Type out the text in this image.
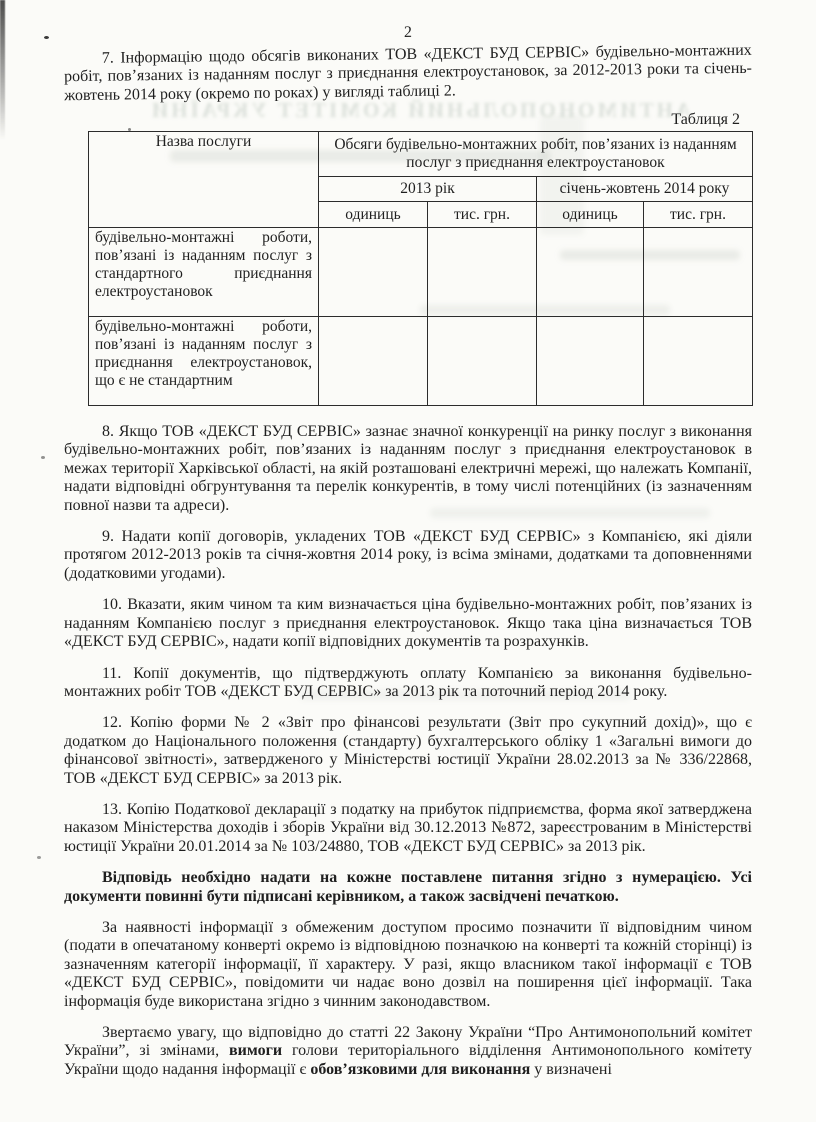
АНТИМОНОПОЛЬНИЙ КОМІТЕТ УКРАЇНИ
2

7. Інформацію щодо обсягів виконаних ТОВ «ДЕКСТ БУД СЕРВІС» будівельно-монтажних робіт, пов’язаних із наданням послуг з приєднання електроустановок, за 2012-2013 роки та січень-жовтень 2014 року (окремо по роках) у вигляді таблиці 2.

Таблиця 2
Назва послуги	Обсяги будівельно-монтажних робіт, пов’язаних із наданням послуг з приєднання електроустановок			
	2013 рік		січень-жовтень 2014 року	
	одиниць	тис. грн.	одиниць	тис. грн.
будівельно-монтажні роботи, пов’язані із наданням послуг з стандартного приєднання електроустановок				
будівельно-монтажні роботи, пов’язані із наданням послуг з приєднання електроустановок, що є не стандартним				

8. Якщо ТОВ «ДЕКСТ БУД СЕРВІС» зазнає значної конкуренції на ринку послуг з виконання будівельно-монтажних робіт, пов’язаних із наданням послуг з приєднання електроустановок в межах території Харківської області, на якій розташовані електричні мережі, що належать Компанії, надати відповідні обгрунтування та перелік конкурентів, в тому числі потенційних (із зазначенням повної назви та адреси).

9. Надати копії договорів, укладених ТОВ «ДЕКСТ БУД СЕРВІС» з Компанією, які діяли протягом 2012-2013 років та січня-жовтня 2014 року, із всіма змінами, додатками та доповненнями (додатковими угодами).

10. Вказати, яким чином та ким визначається ціна будівельно-монтажних робіт, пов’язаних із наданням Компанією послуг з приєднання електроустановок. Якщо така ціна визначається ТОВ «ДЕКСТ БУД СЕРВІС», надати копії відповідних документів та розрахунків.

11. Копії документів, що підтверджують оплату Компанією за виконання будівельно-монтажних робіт ТОВ «ДЕКСТ БУД СЕРВІС» за 2013 рік та поточний період 2014 року.

12. Копію форми № 2 «Звіт про фінансові результати (Звіт про сукупний дохід)», що є додатком до Національного положення (стандарту) бухгалтерського обліку 1 «Загальні вимоги до фінансової звітності», затвердженого у Міністерстві юстиції України 28.02.2013 за № 336/22868, ТОВ «ДЕКСТ БУД СЕРВІС» за 2013 рік.

13. Копію Податкової декларації з податку на прибуток підприємства, форма якої затверджена наказом Міністерства доходів і зборів України від 30.12.2013 №872, зареєстрованим в Міністерстві юстиції України 20.01.2014 за № 103/24880, ТОВ «ДЕКСТ БУД СЕРВІС» за 2013 рік.

Відповідь необхідно надати на кожне поставлене питання згідно з нумерацією. Усі документи повинні бути підписані керівником, а також засвідчені печаткою.

За наявності інформації з обмеженим доступом просимо позначити її відповідним чином (подати в опечатаному конверті окремо із відповідною позначкою на конверті та кожній сторінці) із зазначенням категорії інформації, її характеру. У разі, якщо власником такої інформації є ТОВ «ДЕКСТ БУД СЕРВІС», повідомити чи надає воно дозвіл на поширення цієї інформації. Така інформація буде використана згідно з чинним законодавством.

Звертаємо увагу, що відповідно до статті 22 Закону України “Про Антимонопольний комітет України”, зі змінами, вимоги голови територіального відділення Антимонопольного комітету України щодо надання інформації є обов’язковими для виконання у визначені
